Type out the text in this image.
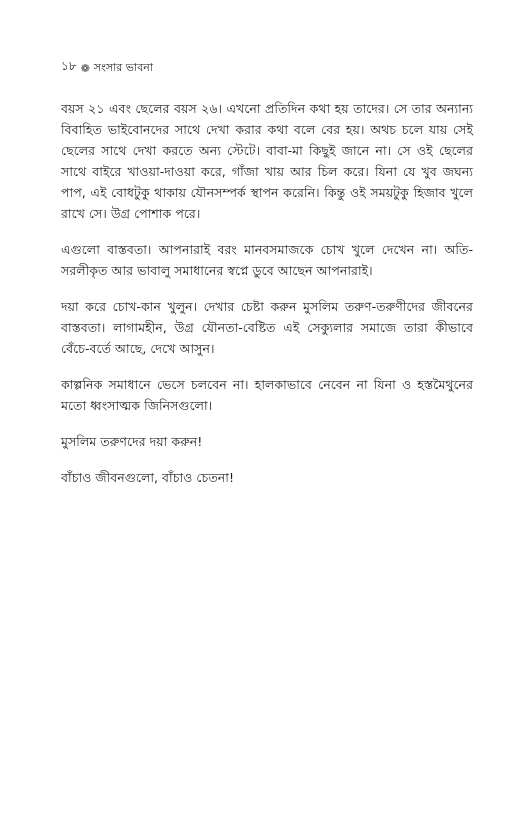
১৮ ❁ সংসার ভাবনা

বয়স ২১ এবং ছেলের বয়স ২৬। এখনো প্রতিদিন কথা হয় তাদের। সে তার অন্যান্য বিবাহিত ভাইবোনদের সাথে দেখা করার কথা বলে বের হয়। অথচ চলে যায় সেই ছেলের সাথে দেখা করতে অন্য স্টেটে। বাবা-মা কিছুই জানে না। সে ওই ছেলের সাথে বাইরে খাওয়া-দাওয়া করে, গাঁজা খায় আর চিল করে। যিনা যে খুব জঘন্য পাপ, এই বোধটুকু থাকায় যৌনসম্পর্ক স্থাপন করেনি। কিন্তু ওই সময়টুকু হিজাব খুলে রাখে সে। উগ্র পোশাক পরে।

এগুলো বাস্তবতা। আপনারাই বরং মানবসমাজকে চোখ খুলে দেখেন না। অতি-সরলীকৃত আর ভাবালু সমাধানের স্বপ্নে ডুবে আছেন আপনারাই।

দয়া করে চোখ-কান খুলুন। দেখার চেষ্টা করুন মুসলিম তরুণ-তরুণীদের জীবনের বাস্তবতা। লাগামহীন, উগ্র যৌনতা-বেষ্টিত এই সেক্যুলার সমাজে তারা কীভাবে বেঁচে-বর্তে আছে, দেখে আসুন।

কাল্পনিক সমাধানে ভেসে চলবেন না। হালকাভাবে নেবেন না যিনা ও হস্তমৈথুনের মতো ধ্বংসাত্মক জিনিসগুলো।

মুসলিম তরুণদের দয়া করুন!

বাঁচাও জীবনগুলো, বাঁচাও চেতনা!
